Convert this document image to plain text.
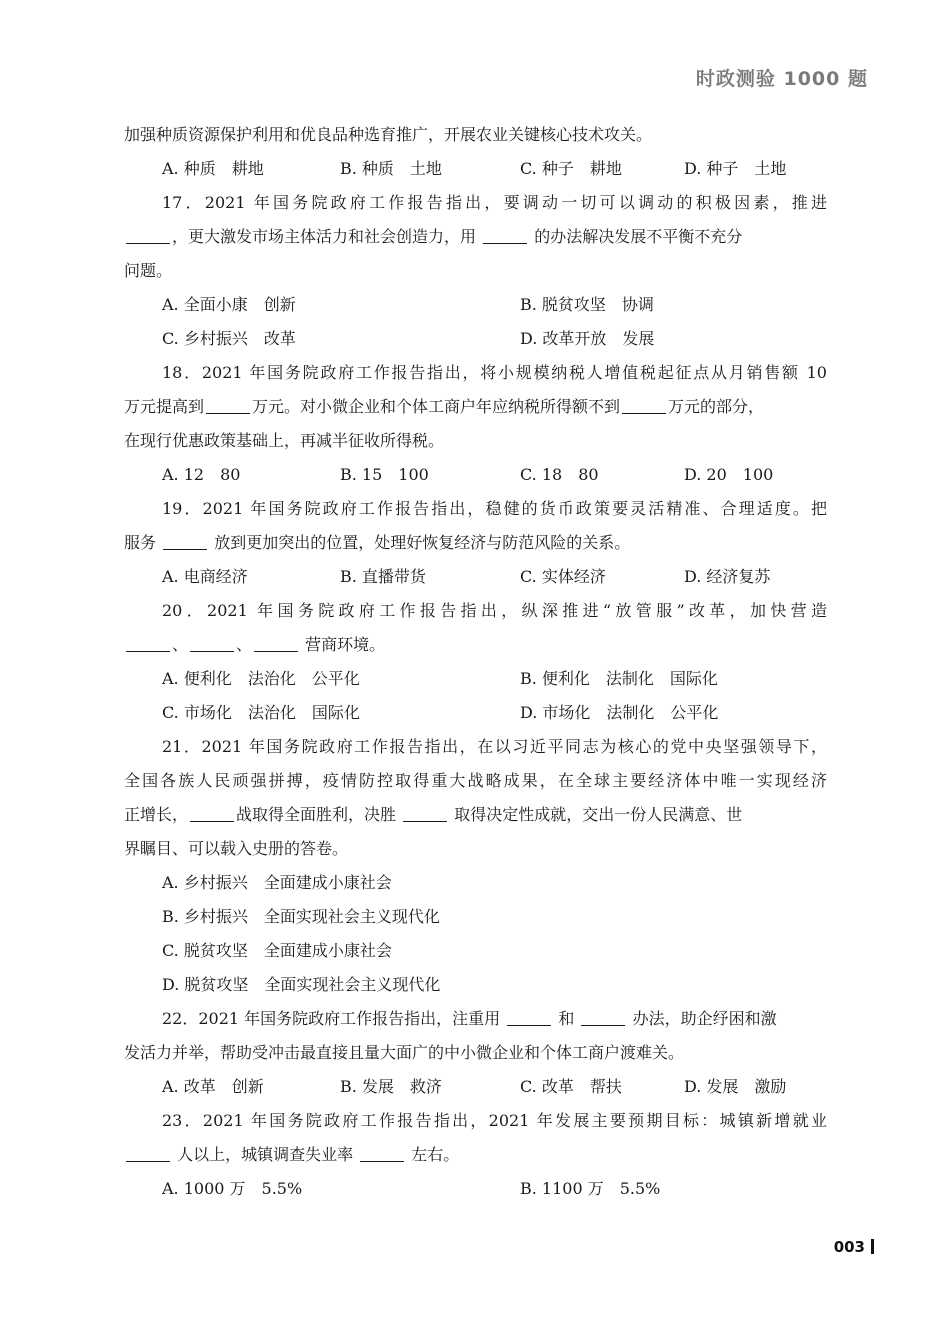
时政测验 1000 题
加强种质资源保护利用和优良品种选育推广，开展农业关键核心技术攻关。
A. 种质　耕地	B. 种质　土地	C. 种子　耕地	D. 种子　土地
17．2021 年国务院政府工作报告指出，要调动一切可以调动的积极因素，推进
，更大激发市场主体活力和社会创造力，用	的办法解决发展不平衡不充分
问题。
A. 全面小康　创新	B. 脱贫攻坚　协调
C. 乡村振兴　改革	D. 改革开放　发展
18．2021 年国务院政府工作报告指出，将小规模纳税人增值税起征点从月销售额 10
万元提高到	万元。对小微企业和个体工商户年应纳税所得额不到	万元的部分，
在现行优惠政策基础上，再减半征收所得税。
A. 12　80	B. 15　100	C. 18　80	D. 20　100
19．2021 年国务院政府工作报告指出，稳健的货币政策要灵活精准、合理适度。把
服务	放到更加突出的位置，处理好恢复经济与防范风险的关系。
A. 电商经济	B. 直播带货	C. 实体经济	D. 经济复苏
20．2021 年国务院政府工作报告指出，纵深推进“放管服”改革，加快营造
、	、	营商环境。
A. 便利化　法治化　公平化	B. 便利化　法制化　国际化
C. 市场化　法治化　国际化	D. 市场化　法制化　公平化
21．2021 年国务院政府工作报告指出，在以习近平同志为核心的党中央坚强领导下，
全国各族人民顽强拼搏，疫情防控取得重大战略成果，在全球主要经济体中唯一实现经济
正增长，	战取得全面胜利，决胜	取得决定性成就，交出一份人民满意、世
界瞩目、可以载入史册的答卷。
A. 乡村振兴　全面建成小康社会
B. 乡村振兴　全面实现社会主义现代化
C. 脱贫攻坚　全面建成小康社会
D. 脱贫攻坚　全面实现社会主义现代化
22．2021 年国务院政府工作报告指出，注重用	和	办法，助企纾困和激
发活力并举，帮助受冲击最直接且量大面广的中小微企业和个体工商户渡难关。
A. 改革　创新	B. 发展　救济	C. 改革　帮扶	D. 发展　激励
23．2021 年国务院政府工作报告指出，2021 年发展主要预期目标：城镇新增就业
人以上，城镇调查失业率	左右。
A. 1000 万　5.5%	B. 1100 万　5.5%
003
